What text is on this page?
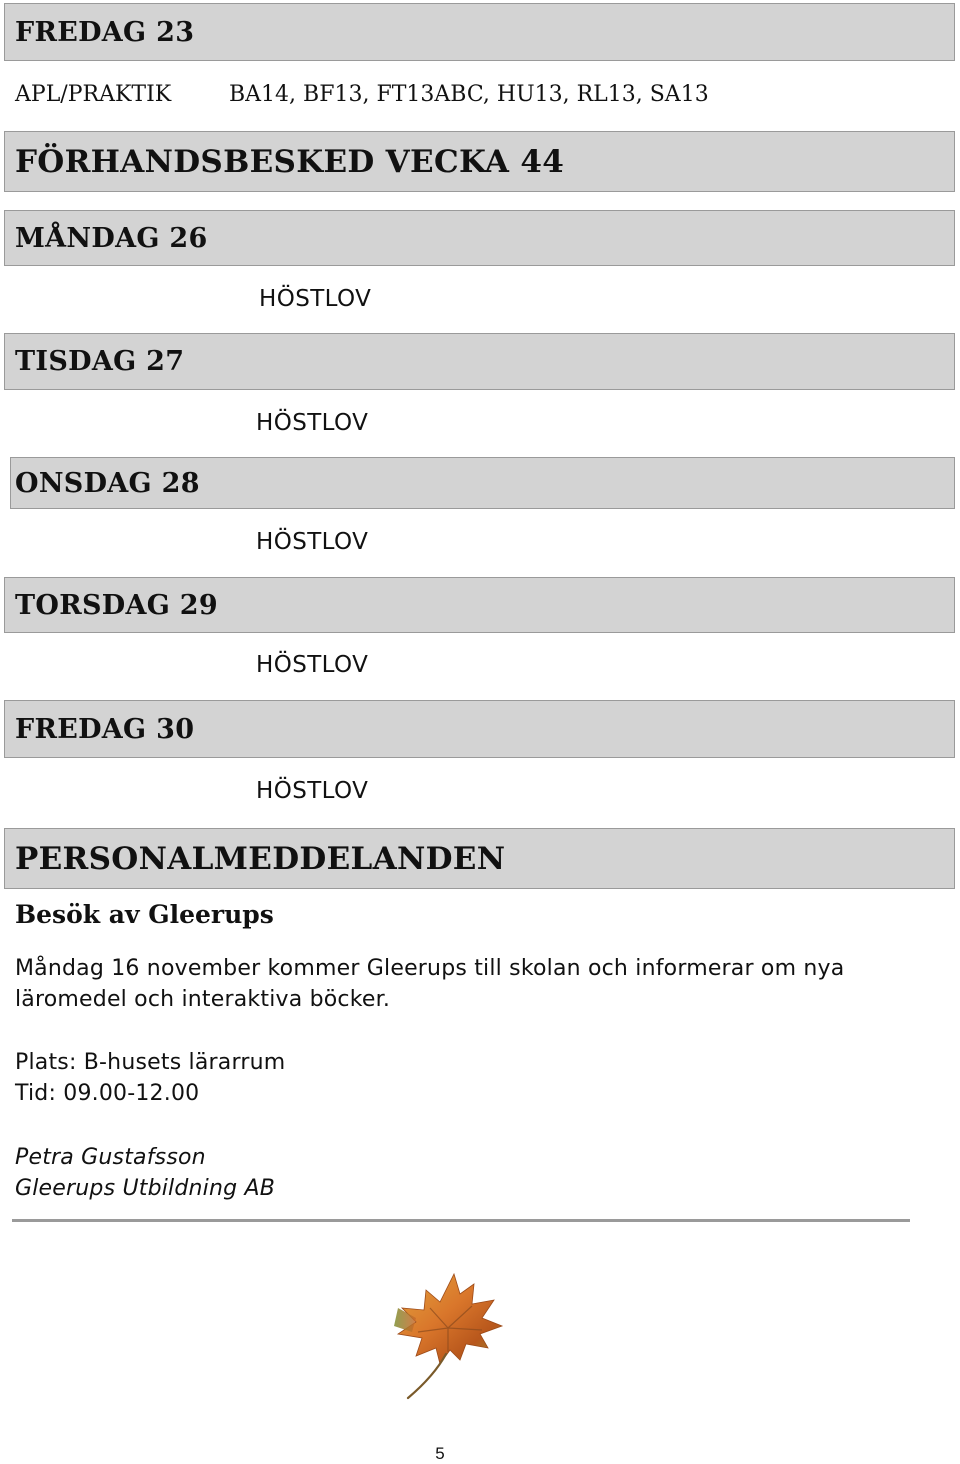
FREDAG 23
APL/PRAKTIK	BA14, BF13, FT13ABC, HU13, RL13, SA13
FÖRHANDSBESKED VECKA 44
MÅNDAG 26
HÖSTLOV
TISDAG 27
HÖSTLOV
ONSDAG 28
HÖSTLOV
TORSDAG 29
HÖSTLOV
FREDAG 30
HÖSTLOV
PERSONALMEDDELANDEN
Besök av Gleerups
Måndag 16 november kommer Gleerups till skolan och informerar om nya
läromedel och interaktiva böcker.
Plats: B-husets lärarrum
Tid: 09.00-12.00
Petra Gustafsson
Gleerups Utbildning AB
5
